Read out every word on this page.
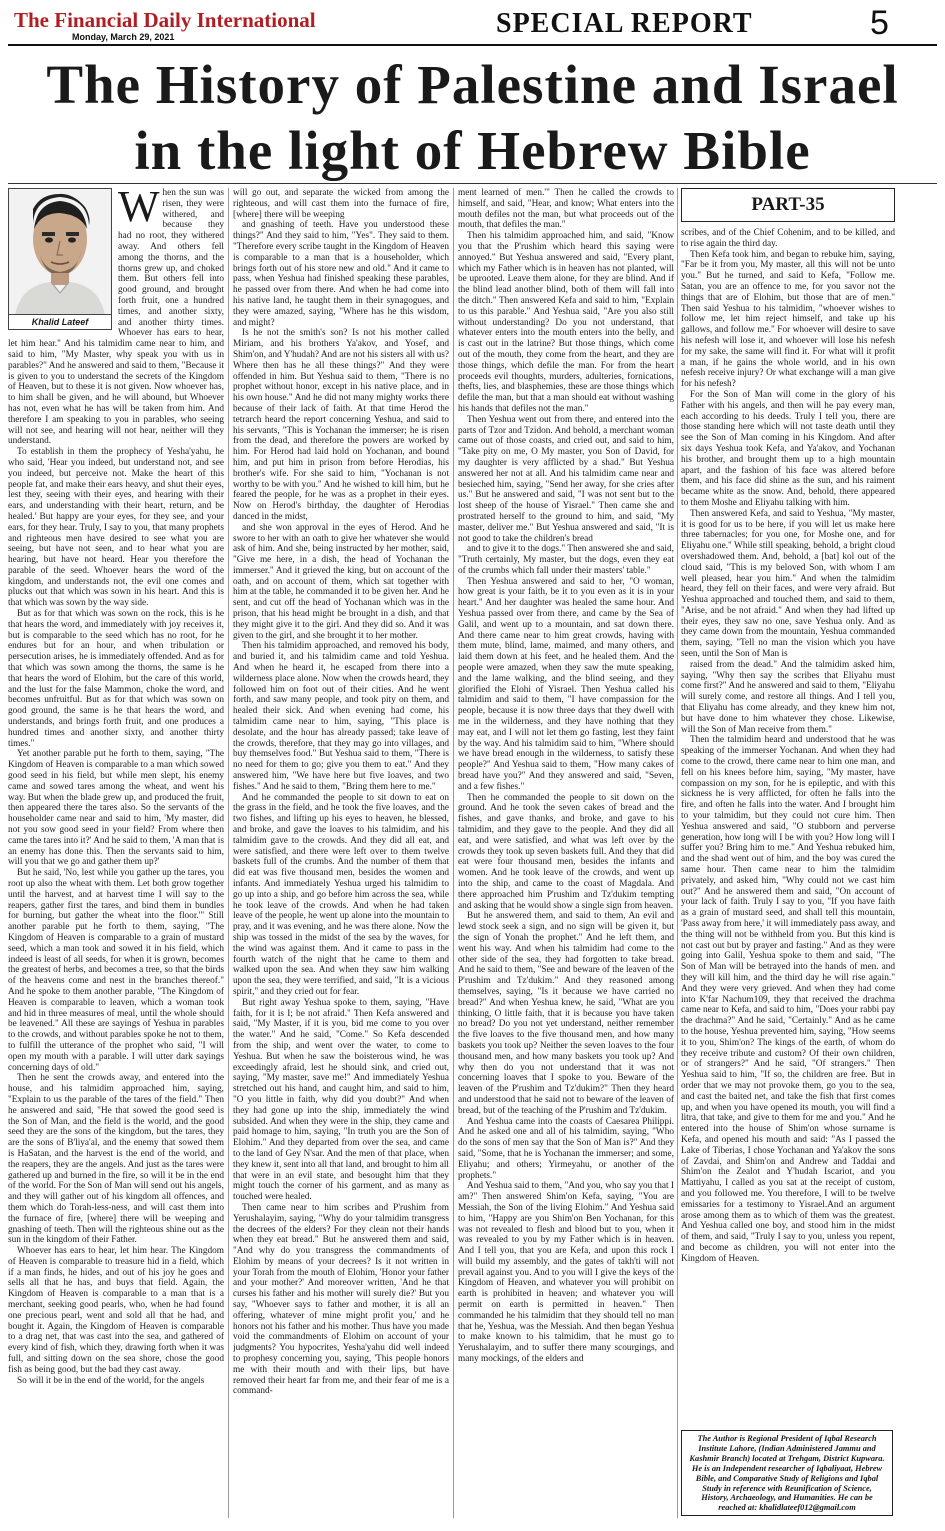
The Financial Daily International
Monday, March 29, 2021	SPECIAL REPORT	5
The History of Palestine and Israel
in the light of Hebrew Bible
Khalid Lateef

When the sun was risen, they were withered, and because they had no root, they withered away. And others fell among the thorns, and the thorns grew up, and choked them. But others fell into good ground, and brought forth fruit, one a hundred times, and another sixty, and another thirty times. Whoever has ears to hear, let him hear." And his talmidim came near to him, and said to him, "My Master, why speak you with us in parables?" And he answered and said to them, "Because it is given to you to understand the secrets of the Kingdom of Heaven, but to these it is not given. Now whoever has, to him shall be given, and he will abound, but Whoever has not, even what he has will be taken from him. And therefore I am speaking to you in parables, who seeing will not see, and hearing will not hear, neither will they understand.

To establish in them the prophecy of Yesha'yahu, he who said, 'Hear you indeed, but understand not, and see you indeed, but perceive not. Make the heart of this people fat, and make their ears heavy, and shut their eyes, lest they, seeing with their eyes, and hearing with their ears, and understanding with their heart, return, and be healed.' But happy are your eyes, for they see, and your ears, for they hear. Truly, I say to you, that many prophets and righteous men have desired to see what you are seeing, but have not seen, and to hear what you are hearing, but have not heard. Hear you therefore the parable of the seed. Whoever hears the word of the kingdom, and understands not, the evil one comes and plucks out that which was sown in his heart. And this is that which was sown by the way side.

But as for that which was sown on the rock, this is he that hears the word, and immediately with joy receives it, but is comparable to the seed which has no root, for he endures but for an hour, and when tribulation or persecution arises, he is immediately offended. And as for that which was sown among the thorns, the same is he that hears the word of Elohim, but the care of this world, and the lust for the false Mammon, choke the word, and becomes unfruitful. But as for that which was sown on good ground, the same is he that hears the word, and understands, and brings forth fruit, and one produces a hundred times and another sixty, and another thirty times."

Yet another parable put he forth to them, saying, "The Kingdom of Heaven is comparable to a man which sowed good seed in his field, but while men slept, his enemy came and sowed tares among the wheat, and went his way. But when the blade grew up, and produced the fruit, then appeared there the tares also. So the servants of the householder came near and said to him, 'My master, did not you sow good seed in your field? From where then came the tares into it?' And he said to them, 'A man that is an enemy has done this. Then the servants said to him, will you that we go and gather them up?'

But he said, 'No, lest while you gather up the tares, you root up also the wheat with them. Let both grow together until the harvest, and at harvest time I will say to the reapers, gather first the tares, and bind them in bundles for burning, but gather the wheat into the floor.'" Still another parable put he forth to them, saying, "The Kingdom of Heaven is comparable to a grain of mustard seed, which a man took and sowed it in his field, which indeed is least of all seeds, for when it is grown, becomes the greatest of herbs, and becomes a tree, so that the birds of the heavens come and nest in the branches thereof." And he spoke to them another parable, "The Kingdom of Heaven is comparable to leaven, which a woman took and hid in three measures of meal, until the whole should be leavened." All these are sayings of Yeshua in parables to the crowds, and without parables spoke he not to them, to fulfill the utterance of the prophet who said, "I will open my mouth with a parable. I will utter dark sayings concerning days of old."

Then he sent the crowds away, and entered into the house, and his talmidim approached him, saying, "Explain to us the parable of the tares of the field." Then he answered and said, "He that sowed the good seed is the Son of Man, and the field is the world, and the good seed they are the sons of the kingdom, but the tares, they are the sons of B'liya'al, and the enemy that sowed them is HaSatan, and the harvest is the end of the world, and the reapers, they are the angels. And just as the tares were gathered up and burned in the fire, so will it be in the end of the world. For the Son of Man will send out his angels, and they will gather out of his kingdom all offences, and them which do Torah-less-ness, and will cast them into the furnace of fire, [where] there will be weeping and gnashing of teeth. Then will the righteous shine out as the sun in the kingdom of their Father.

Whoever has ears to hear, let him hear. The Kingdom of Heaven is comparable to treasure hid in a field, which if a man finds, he hides, and out of his joy he goes and sells all that he has, and buys that field. Again, the Kingdom of Heaven is comparable to a man that is a merchant, seeking good pearls, who, when he had found one precious pearl, went and sold all that he had, and bought it. Again, the Kingdom of Heaven is comparable to a drag net, that was cast into the sea, and gathered of every kind of fish, which they, drawing forth when it was full, and sitting down on the sea shore, chose the good fish as being good, but the bad they cast away.

So will it be in the end of the world, for the angels

will go out, and separate the wicked from among the righteous, and will cast them into the furnace of fire, [where] there will be weeping

and gnashing of teeth. Have you understood these things?" And they said to him, "Yes". They said to them. "Therefore every scribe taught in the Kingdom of Heaven is comparable to a man that is a householder, which brings forth out of his store new and old." And it came to pass, when Yeshua had finished speaking these parables, he passed over from there. And when he had come into his native land, he taught them in their synagogues, and they were amazed, saying, "Where has he this wisdom, and might?

Is he not the smith's son? Is not his mother called Miriam, and his brothers Ya'akov, and Yosef, and Shim'on, and Y'hudah? And are not his sisters all with us? Where then has he all these things?" And they were offended in him. But Yeshua said to them, "There is no prophet without honor, except in his native place, and in his own house." And he did not many mighty works there because of their lack of faith. At that time Herod the tetrarch heard the report concerning Yeshua, and said to his servants, "This is Yochanan the immerser; he is risen from the dead, and therefore the powers are worked by him. For Herod had laid hold on Yochanan, and bound him, and put him in prison from before Herodias, his brother's wife. For she said to him, "Yochanan is not worthy to be with you." And he wished to kill him, but he feared the people, for he was as a prophet in their eyes. Now on Herod's birthday, the daughter of Herodias danced in the midst,

and she won approval in the eyes of Herod. And he swore to her with an oath to give her whatever she would ask of him. And she, being instructed by her mother, said, "Give me here, in a dish, the head of Yochanan the immerser." And it grieved the king, but on account of the oath, and on account of them, which sat together with him at the table, he commanded it to be given her. And he sent, and cut off the head of Yochanan which was in the prison, that his head might be brought in a dish, and that they might give it to the girl. And they did so. And it was given to the girl, and she brought it to her mother.

Then his talmidim approached, and removed his body, and buried it, and his talmidim came and told Yeshua. And when he heard it, he escaped from there into a wilderness place alone. Now when the crowds heard, they followed him on foot out of their cities. And he went forth, and saw many people, and took pity on them, and healed their sick. And when evening had come, his talmidim came near to him, saying, "This place is desolate, and the hour has already passed; take leave of the crowds, therefore, that they may go into villages, and buy themselves food." But Yeshua said to them, "There is no need for them to go; give you them to eat." And they answered him, "We have here but five loaves, and two fishes." And he said to them, "Bring them here to me."

And he commanded the people to sit down to eat on the grass in the field, and he took the five loaves, and the two fishes, and lifting up his eyes to heaven, he blessed, and broke, and gave the loaves to his talmidim, and his talmidim gave to the crowds. And they did all eat, and were satisfied, and there were left over to them twelve baskets full of the crumbs. And the number of them that did eat was five thousand men, besides the women and infants. And immediately Yeshua urged his talmidim to go up into a ship, and go before him across the sea, while he took leave of the crowds. And when he had taken leave of the people, he went up alone into the mountain to pray, and it was evening, and he was there alone. Now the ship was tossed in the midst of the sea by the waves, for the wind was against them. And it came to pass in the fourth watch of the night that he came to them and walked upon the sea. And when they saw him walking upon the sea, they were terrified, and said, "It is a vicious spirit," and they cried out for fear.

But right away Yeshua spoke to them, saying, "Have faith, for it is I; be not afraid." Then Kefa answered and said, "My Master, if it is you, bid me come to you over the water." And he said, "Come." So Kefa descended from the ship, and went over the water, to come to Yeshua. But when he saw the boisterous wind, he was exceedingly afraid, lest he should sink, and cried out, saying, "My master, save me!" And immediately Yeshua stretched out his hand, and caught him, and said to him, "O you little in faith, why did you doubt?" And when they had gone up into the ship, immediately the wind subsided. And when they were in the ship, they came and paid homage to him, saying, "In truth you are the Son of Elohim." And they departed from over the sea, and came to the land of Gey N'sar. And the men of that place, when they knew it, sent into all that land, and brought to him all that were in an evil state, and besought him that they might touch the corner of his garment, and as many as touched were healed.

Then came near to him scribes and P'rushim from Yerushalayim, saying, "Why do your talmidim transgress the decrees of the elders? For they clean not their hands when they eat bread." But he answered them and said, "And why do you transgress the commandments of Elohim by means of your decrees? Is it not written in your Torah from the mouth of Elohim, 'Honor your father and your mother?' And moreover written, 'And he that curses his father and his mother will surely die?' But you say, "Whoever says to father and mother, it is all an offering, whatever of mine might profit you,' and he honors not his father and his mother. Thus have you made void the commandments of Elohim on account of your judgments? You hypocrites, Yesha'yahu did well indeed to prophesy concerning you, saying, 'This people honors me with their mouth and with their lips, but have removed their heart far from me, and their fear of me is a command-

ment learned of men.'" Then he called the crowds to himself, and said, "Hear, and know; What enters into the mouth defiles not the man, but what proceeds out of the mouth, that defiles the man."

Then his talmidim approached him, and said, "Know you that the P'rushim which heard this saying were annoyed." But Yeshua answered and said, "Every plant, which my Father which is in heaven has not planted, will be uprooted. Leave them alone, for they are blind. And if the blind lead another blind, both of them will fall into the ditch." Then answered Kefa and said to him, "Explain to us this parable." And Yeshua said, "Are you also still without understanding? Do you not understand, that whatever enters into the mouth enters into the belly, and is cast out in the latrine? But those things, which come out of the mouth, they come from the heart, and they are those things, which defile the man. For from the heart proceeds evil thoughts, murders, adulteries, fornications, thefts, lies, and blasphemies, these are those things which defile the man, but that a man should eat without washing his hands that defiles not the man."

Then Yeshua went out from there, and entered into the parts of Tzor and Tzidon. And behold, a merchant woman came out of those coasts, and cried out, and said to him, "Take pity on me, O My master, you Son of David, for my daughter is very afflicted by a shad." But Yeshua answered her not at all. And his talmidim came near and besieched him, saying, "Send her away, for she cries after us." But he answered and said, "I was not sent but to the lost sheep of the house of Yisrael." Then came she and prostrated herself to the ground to him, and said, "My master, deliver me." But Yeshua answered and said, "It is not good to take the children's bread

and to give it to the dogs." Then answered she and said, "Truth certainly, My master, but the dogs, even they eat of the crumbs which fall under their masters' table."

Then Yeshua answered and said to her, "O woman, how great is your faith, be it to you even as it is in your heart." And her daughter was healed the same hour. And Yeshua passed over from there, and came by the Sea of Galil, and went up to a mountain, and sat down there. And there came near to him great crowds, having with them mute, blind, lame, maimed, and many others, and laid them down at his feet, and he healed them. And the people were amazed, when they saw the mute speaking, and the lame walking, and the blind seeing, and they glorified the Elohi of Yisrael. Then Yeshua called his talmidim and said to them, "I have compassion for the people, because it is now three days that they dwell with me in the wilderness, and they have nothing that they may eat, and I will not let them go fasting, lest they faint by the way. And his talmidim said to him, "Where should we have bread enough in the wilderness, to satisfy these people?" And Yeshua said to them, "How many cakes of bread have you?" And they answered and said, "Seven, and a few fishes."

Then he commanded the people to sit down on the ground. And he took the seven cakes of bread and the fishes, and gave thanks, and broke, and gave to his talmidim, and they gave to the people. And they did all eat, and were satisfied, and what was left over by the crowds they took up seven baskets full. And they that did eat were four thousand men, besides the infants and women. And he took leave of the crowds, and went up into the ship, and came to the coast of Magdala. And there approached him P'rushim and Tz'dukim tempting and asking that he would show a single sign from heaven.

But he answered them, and said to them, An evil and lewd stock seek a sign, and no sign will be given it, but the sign of Yonah the prophet." And he left them, and went his way. And when his talmidim had come to the other side of the sea, they had forgotten to take bread. And he said to them, "See and beware of the leaven of the P'rushim and Tz'dukim." And they reasoned among themselves, saying, "Is it because we have carried no bread?" And when Yeshua knew, he said, "What are you thinking, O little faith, that it is because you have taken no bread? Do you not yet understand, neither remember the five loaves to the five thousand men, and how many baskets you took up? Neither the seven loaves to the four thousand men, and how many baskets you took up? And why then do you not understand that it was not concerning loaves that I spoke to you. Beware of the leaven of the P'rushim and Tz'dukim?" Then they heard and understood that he said not to beware of the leaven of bread, but of the teaching of the P'rushim and Tz'dukim.

And Yeshua came into the coasts of Caesarea Philippi. And he asked one and all of his talmidim, saying, "Who do the sons of men say that the Son of Man is?" And they said, "Some, that he is Yochanan the immerser; and some, Eliyahu; and others; Yirmeyahu, or another of the prophets."

And Yeshua said to them, "And you, who say you that I am?" Then answered Shim'on Kefa, saying, "You are Messiah, the Son of the living Elohim." And Yeshua said to him, "Happy are you Shim'on Ben Yochanan, for this was not revealed to flesh and blood but to you, when it was revealed to you by my Father which is in heaven. And I tell you, that you are Kefa, and upon this rock I will build my assembly, and the gates of takh'ti will not prevail against you. And to you will I give the keys of the Kingdom of Heaven, and whatever you will prohibit on earth is prohibited in heaven; and whatever you will permit on earth is permitted in heaven." Then commanded he his talmidim that they should tell no man that he, Yeshua, was the Messiah. And then began Yeshua to make known to his talmidim, that he must go to Yerushalayim, and to suffer there many scourgings, and many mockings, of the elders and

PART-35

scribes, and of the Chief Cohenim, and to be killed, and to rise again the third day.

Then Kefa took him, and began to rebuke him, saying, "Far be it from you, My master, all this will not be unto you." But he turned, and said to Kefa, "Follow me. Satan, you are an offence to me, for you savor not the things that are of Elohim, but those that are of men." Then said Yeshua to his talmidim, "whoever wishes to follow me, let him reject himself, and take up his gallows, and follow me." For whoever will desire to save his nefesh will lose it, and whoever will lose his nefesh for my sake, the same will find it. For what will it profit a man, if he gains the whole world, and in his own nefesh receive injury? Or what exchange will a man give for his nefesh?

For the Son of Man will come in the glory of his Father with his angels, and then will he pay every man, each according to his deeds. Truly I tell you, there are those standing here which will not taste death until they see the Son of Man coming in his Kingdom. And after six days Yeshua took Kefa, and Ya'akov, and Yochanan his brother, and brought them up to a high mountain apart, and the fashion of his face was altered before them, and his face did shine as the sun, and his raiment became white as the snow. And, behold, there appeared to them Moshe and Eliyahu talking with him.

Then answered Kefa, and said to Yeshua, "My master, it is good for us to be here, if you will let us make here three tabernacles; for you one, for Moshe one, and for Eliyahu one." While still speaking, behold, a bright cloud overshadowed them. And, behold, a [bat] kol out of the cloud said, "This is my beloved Son, with whom I am well pleased, hear you him." And when the talmidim heard, they fell on their faces, and were very afraid. But Yeshua approached and touched them, and said to them, "Arise, and be not afraid." And when they had lifted up their eyes, they saw no one, save Yeshua only. And as they came down from the mountain, Yeshua commanded them, saying, "Tell no man the vision which you have seen, until the Son of Man is

raised from the dead." And the talmidim asked him, saying, "Why then say the scribes that Eliyahu must come first?" And he answered and said to them, "Eliyahu will surely come, and restore all things. And I tell you, that Eliyahu has come already, and they knew him not, but have done to him whatever they chose. Likewise, will the Son of Man receive from them."

Then the talmidim heard and understood that he was speaking of the immerser Yochanan. And when they had come to the crowd, there came near to him one man, and fell on his knees before him, saying, "My master, have compassion on my son, for he is epileptic, and with this sickness he is very afflicted, for often he falls into the fire, and often he falls into the water. And I brought him to your talmidim, but they could not cure him. Then Yeshua answered and said, "O stubborn and perverse generation, how long will I be with you? How long will I suffer you? Bring him to me." And Yeshua rebuked him, and the shad went out of him, and the boy was cured the same hour. Then came near to him the talmidim privately, and asked him, "Why could not we cast him out?" And he answered them and said, "On account of your lack of faith. Truly I say to you, "If you have faith as a grain of mustard seed, and shall tell this mountain, 'Pass away from here,' it will immediately pass away, and the thing will not be withheld from you. But this kind is not cast out but by prayer and fasting." And as they were going into Galil, Yeshua spoke to them and said, "The Son of Man will be betrayed into the hands of men. and they will kill him, and the third day he will rise again." And they were very grieved. And when they had come into K'far Nachum109, they that received the drachma came near to Kefa, and said to him, "Does your rabbi pay the drachma?" And he said, "Certainly." And as he came to the house, Yeshua prevented him, saying, "How seems it to you, Shim'on? The kings of the earth, of whom do they receive tribute and custom? Of their own children, or of strangers?" And he said, "Of strangers." Then Yeshua said to him, "If so, the children are free. But in order that we may not provoke them, go you to the sea, and cast the baited net, and take the fish that first comes up, and when you have opened its mouth, you will find a litra, that take, and give to them for me and you." And he entered into the house of Shim'on whose surname is Kefa, and opened his mouth and said: "As I passed the Lake of Tiberias, I chose Yochanan and Ya'akov the sons of Zavdai, and Shim'on and Andrew and Taddai and Shim'on the Zealot and Y'hudah Iscariot, and you Mattiyahu, I called as you sat at the receipt of custom, and you followed me. You therefore, I will to be twelve emissaries for a testimony to Yisrael.And an argument arose among them as to which of them was the greatest. And Yeshua called one boy, and stood him in the midst of them, and said, "Truly I say to you, unless you repent, and become as children, you will not enter into the Kingdom of Heaven.

The Author is Regional President of Iqbal Research Institute Lahore, (Indian Administered Jammu and Kashmir Branch) located at Trehgam, District Kupwara. He is an Independent researcher of Iqbaliyaat, Hebrew Bible, and Comparative Study of Religions and Iqbal Study in reference with Reunification of Science, History, Archaeology, and Humanities. He can be reached at: khalidlateef012@gmail.com
